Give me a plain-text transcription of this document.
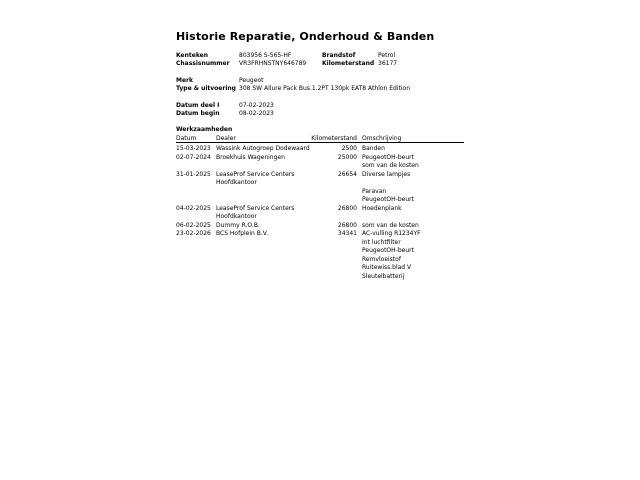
Historie Reparatie, Onderhoud & Banden
Kenteken	803956 S-565-HF	Brandstof	Petrol
Chassisnummer VR3FRHNSTNY646789	Kilometerstand 36177
Merk	Peugeot
Type & uitvoering 308 SW Allure Pack Bus.1.2PT 130pk EAT8 Athlon Edition
Datum deel I	07-02-2023
Datum begin	08-02-2023
Werkzaamheden
Datum	Dealer	Kilometerstand Omschrijving
15-03-2023 Wassink Autogroep Dodewaard	2500 Banden
02-07-2024 Broekhuis Wageningen	25000 PeugeotOH-beurt
som van de kosten
31-01-2025 LeaseProf Service Centers
Hoofdkantoor
26654 Diverse lampjes
Paravan
PeugeotOH-beurt
04-02-2025 LeaseProf Service Centers
Hoofdkantoor
26800 Hoedenplank
06-02-2025 Dummy R.O.B.	26800 som van de kosten
23-02-2026 BCS Hofplein B.V.	34341 AC-vulling R1234YF
Int luchtfilter
PeugeotOH-beurt
Remvloeistof
Ruitewiss.blad V
Sleutelbatterij
